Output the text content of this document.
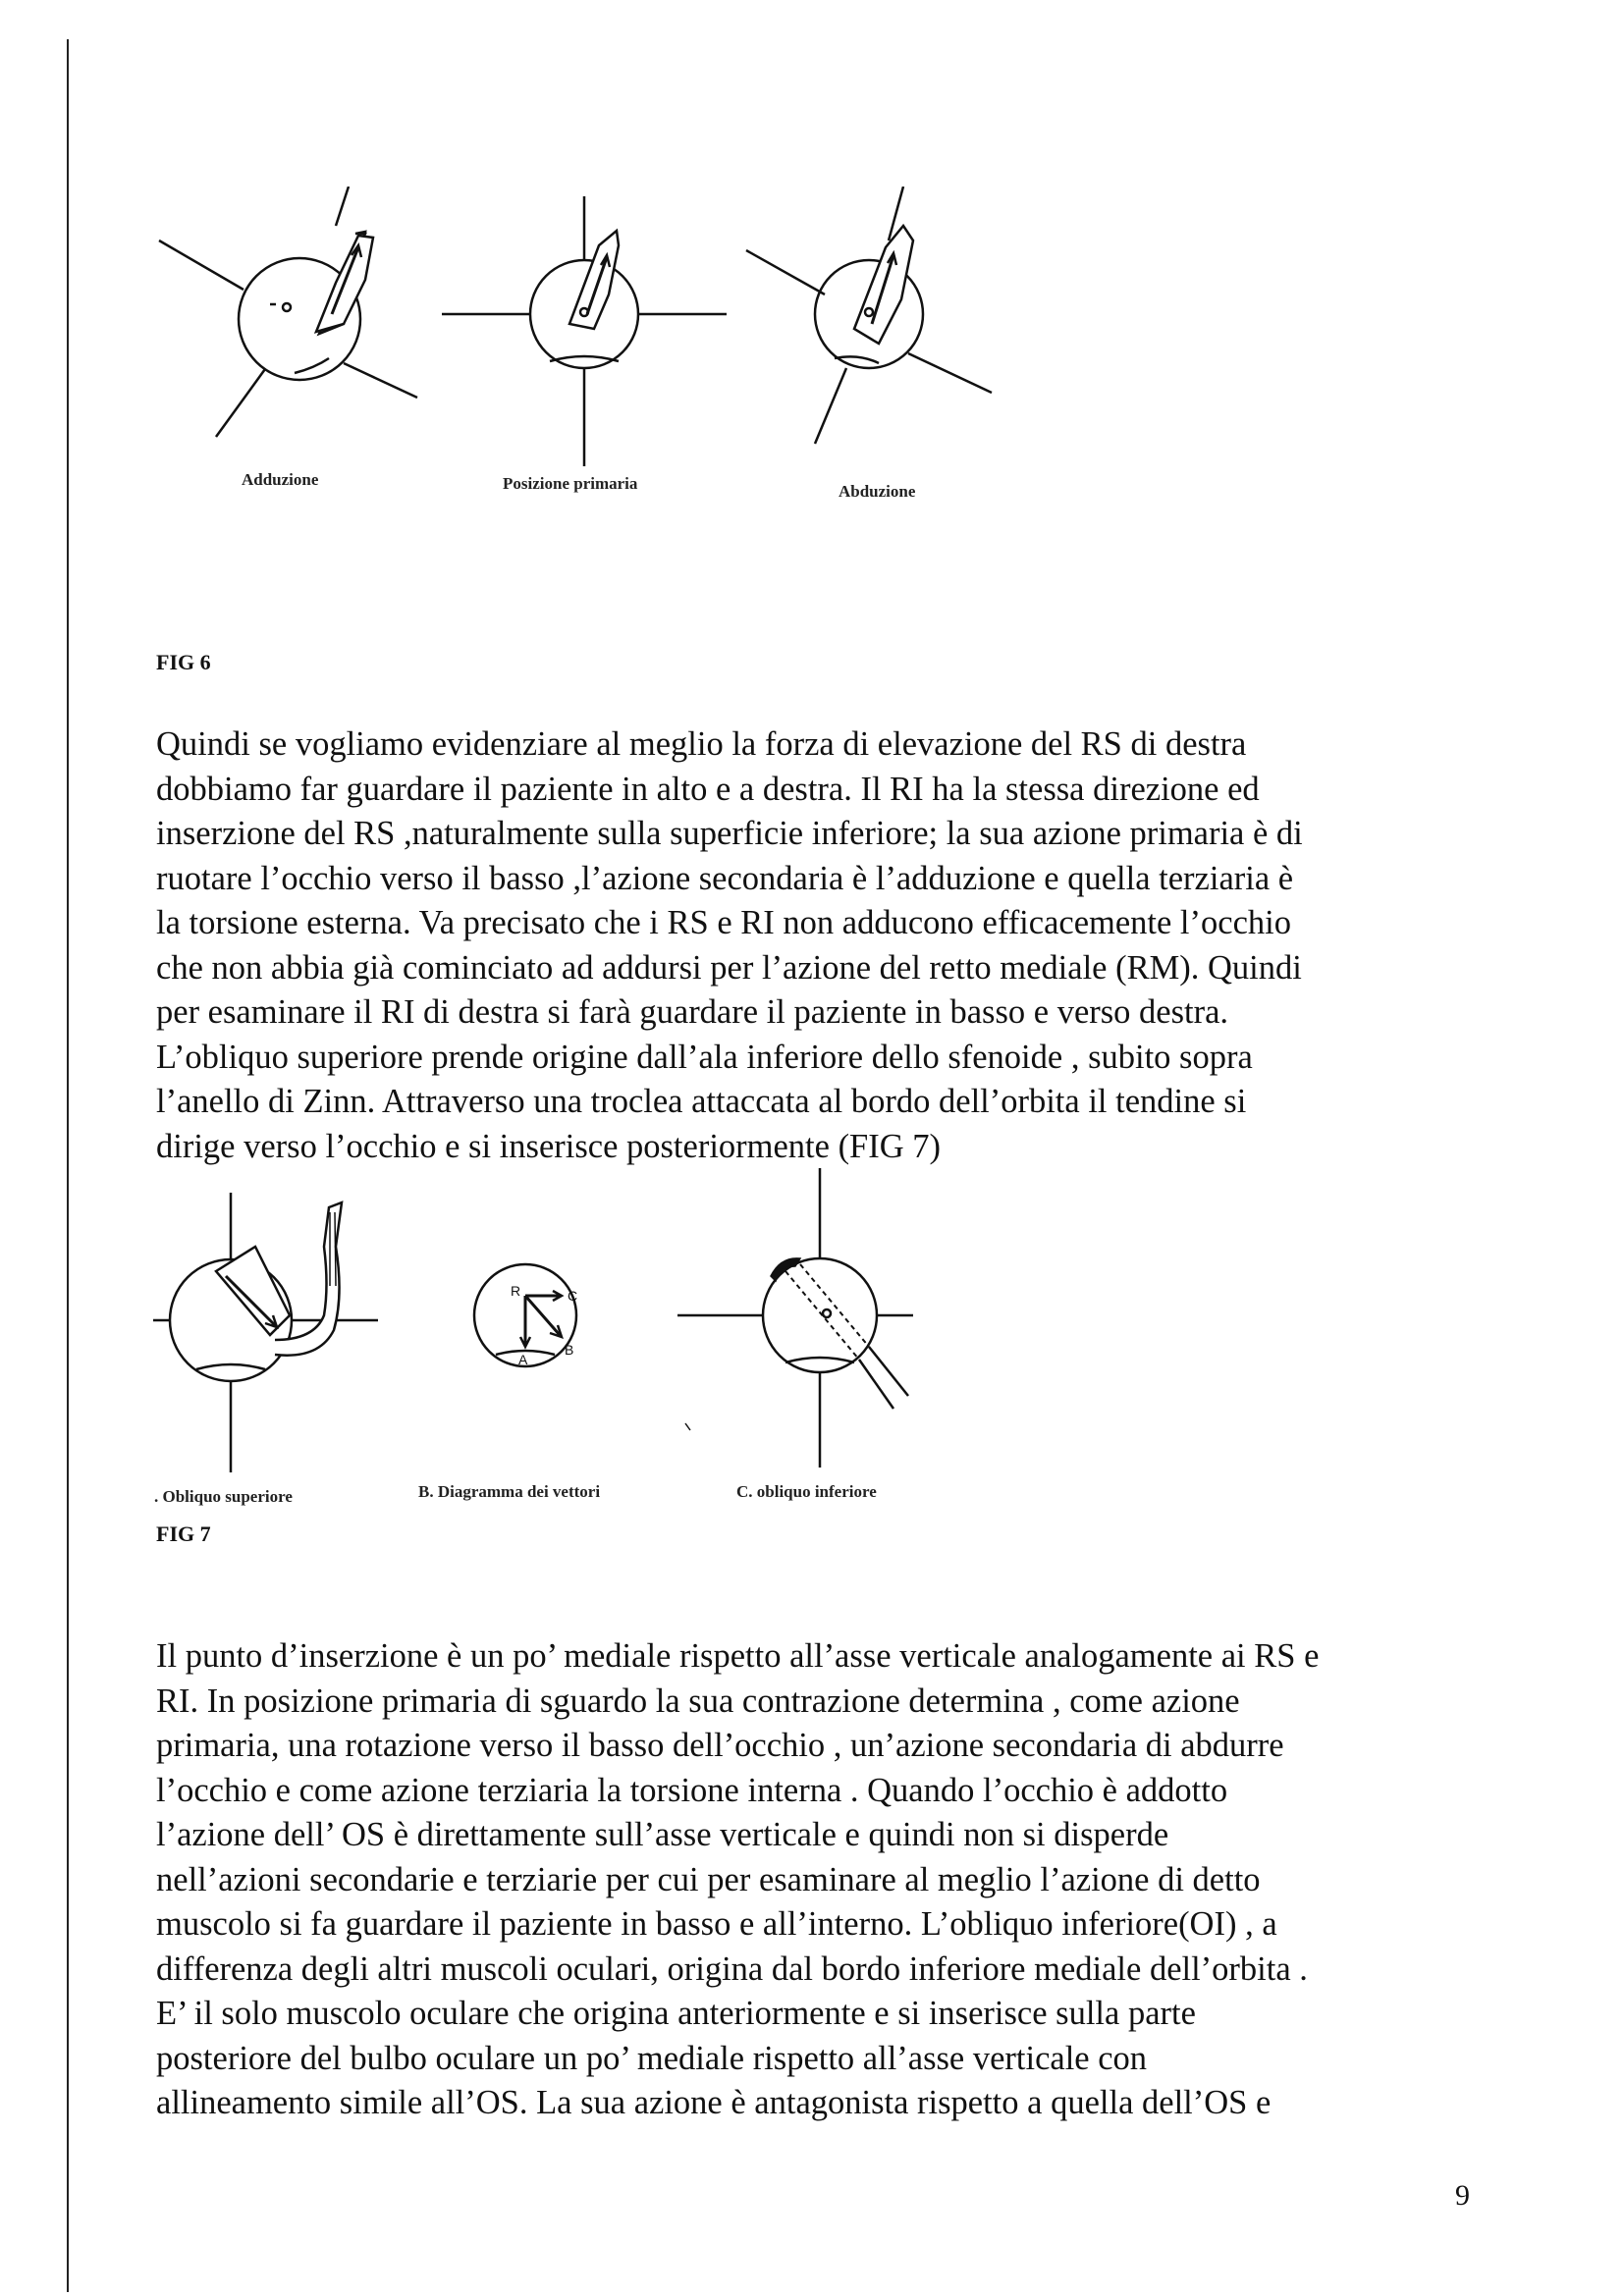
Adduzione	Posizione primaria	Abduzione
FIG 6

Quindi se vogliamo evidenziare al meglio la forza di elevazione del RS di destra

dobbiamo far guardare il paziente in alto e a destra. Il RI ha la stessa direzione ed

inserzione del RS ,naturalmente sulla superficie inferiore; la sua azione primaria è di

ruotare l’occhio verso il basso ,l’azione secondaria è l’adduzione e quella terziaria è

la torsione esterna. Va precisato che i RS e RI non adducono efficacemente l’occhio

che non abbia già cominciato ad addursi per l’azione del retto mediale (RM). Quindi

per esaminare il RI di destra si farà guardare il paziente in basso e verso destra.

L’obliquo superiore prende origine dall’ala inferiore dello sfenoide , subito sopra

l’anello di Zinn. Attraverso una troclea attaccata al bordo dell’orbita il tendine si

dirige verso l’occhio e si inserisce posteriormente (FIG 7)

R	C
A
B
. Obliquo superiore	B. Diagramma dei vettori	C. obliquo inferiore
FIG 7

Il punto d’inserzione è un po’ mediale rispetto all’asse verticale analogamente ai RS e

RI. In posizione primaria di sguardo la sua contrazione determina , come azione

primaria, una rotazione verso il basso dell’occhio , un’azione secondaria di abdurre

l’occhio e come azione terziaria la torsione interna . Quando l’occhio è addotto

l’azione dell’ OS è direttamente sull’asse verticale e quindi non si disperde

nell’azioni secondarie e terziarie per cui per esaminare al meglio l’azione di detto

muscolo si fa guardare il paziente in basso e all’interno. L’obliquo inferiore(OI) , a

differenza degli altri muscoli oculari, origina dal bordo inferiore mediale dell’orbita .

E’ il solo muscolo oculare che origina anteriormente e si inserisce sulla parte

posteriore del bulbo oculare un po’ mediale rispetto all’asse verticale con

allineamento simile all’OS. La sua azione è antagonista rispetto a quella dell’OS e

9
